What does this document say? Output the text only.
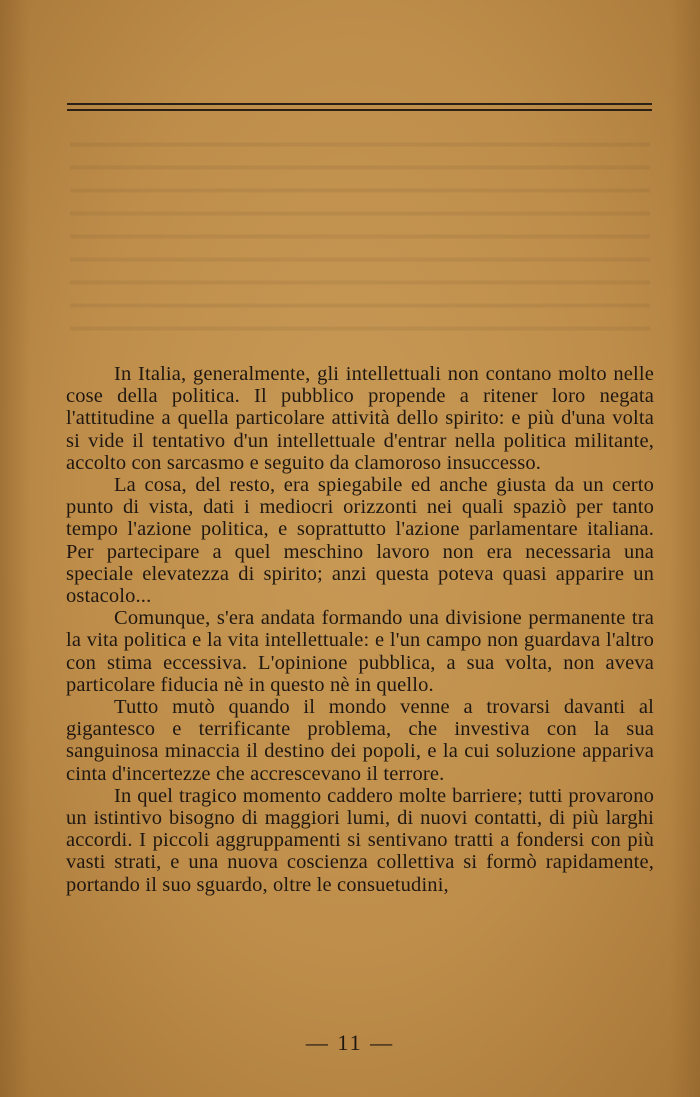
In Italia, generalmente, gli intellettuali non contano molto nelle cose della politica. Il pubblico propende a ritener loro negata l'attitudine a quella particolare attività dello spirito: e più d'una volta si vide il tentativo d'un intellettuale d'entrar nella politica militante, accolto con sarcasmo e seguito da clamoroso insuccesso.

La cosa, del resto, era spiegabile ed anche giusta da un certo punto di vista, dati i mediocri orizzonti nei quali spaziò per tanto tempo l'azione politica, e soprattutto l'azione parlamentare italiana. Per partecipare a quel meschino lavoro non era necessaria una speciale elevatezza di spirito; anzi questa poteva quasi apparire un ostacolo...

Comunque, s'era andata formando una divisione permanente tra la vita politica e la vita intellettuale: e l'un campo non guardava l'altro con stima eccessiva. L'opinione pubblica, a sua volta, non aveva particolare fiducia nè in questo nè in quello.

Tutto mutò quando il mondo venne a trovarsi davanti al gigantesco e terrificante problema, che investiva con la sua sanguinosa minaccia il destino dei popoli, e la cui soluzione appariva cinta d'incertezze che accrescevano il terrore.

In quel tragico momento caddero molte barriere; tutti provarono un istintivo bisogno di maggiori lumi, di nuovi contatti, di più larghi accordi. I piccoli aggruppamenti si sentivano tratti a fondersi con più vasti strati, e una nuova coscienza collettiva si formò rapidamente, portando il suo sguardo, oltre le consuetudini,

— 11 —
